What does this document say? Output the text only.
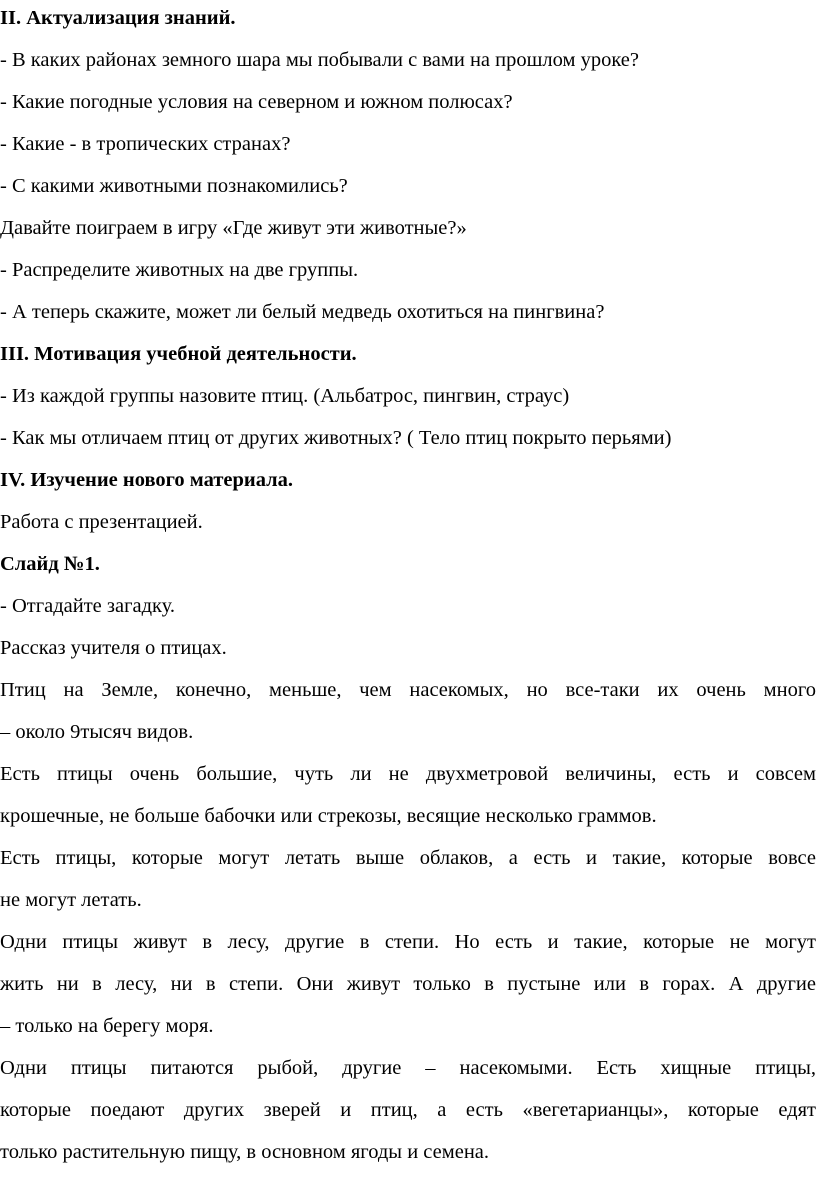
II. Актуализация знаний.
- В каких районах земного шара мы побывали с вами на прошлом уроке?
- Какие погодные условия на северном и южном полюсах?
- Какие - в тропических странах?
- С какими животными познакомились?
Давайте поиграем в игру «Где живут эти животные?»
- Распределите животных на две группы.
- А теперь скажите, может ли белый медведь охотиться на пингвина?
III. Мотивация учебной деятельности.
- Из каждой группы назовите птиц. (Альбатрос, пингвин, страус)
- Как мы отличаем птиц от других животных? ( Тело птиц покрыто перьями)
IV. Изучение нового материала.
Работа с презентацией.
Слайд №1.
- Отгадайте загадку.
Рассказ учителя о птицах.
Птиц на Земле, конечно, меньше, чем насекомых, но все-таки их очень много
– около 9тысяч видов.
Есть птицы очень большие, чуть ли не двухметровой величины, есть и совсем
крошечные, не больше бабочки или стрекозы, весящие несколько граммов.
Есть птицы, которые могут летать выше облаков, а есть и такие, которые вовсе
не могут летать.
Одни птицы живут в лесу, другие в степи. Но есть и такие, которые не могут
жить ни в лесу, ни в степи. Они живут только в пустыне или в горах. А другие
– только на берегу моря.
Одни птицы питаются рыбой, другие – насекомыми. Есть хищные птицы,
которые поедают других зверей и птиц, а есть «вегетарианцы», которые едят
только растительную пищу, в основном ягоды и семена.
